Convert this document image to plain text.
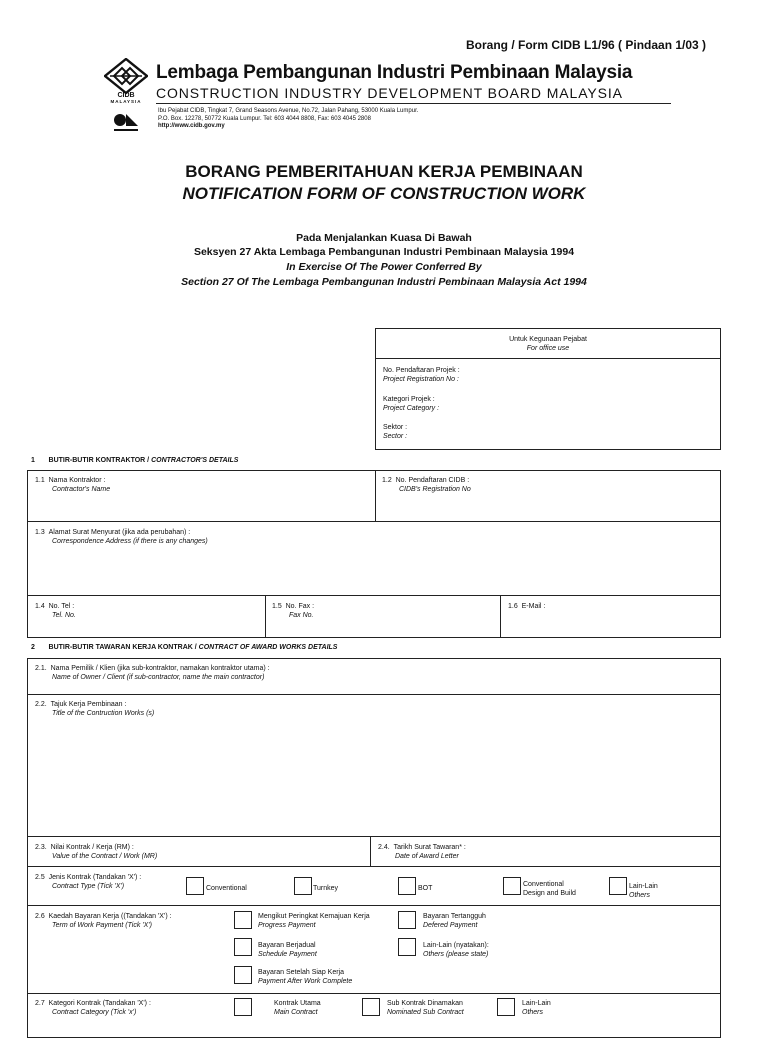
Borang / Form CIDB L1/96 ( Pindaan 1/03 )
CIDB
MALAYSIA
Lembaga Pembangunan Industri Pembinaan Malaysia
CONSTRUCTION INDUSTRY DEVELOPMENT BOARD MALAYSIA
Ibu Pejabat CIDB, Tingkat 7, Grand Seasons Avenue, No.72, Jalan Pahang, 53000 Kuala Lumpur.
P.O. Box. 12278, 50772 Kuala Lumpur. Tel: 603 4044 8808, Fax: 603 4045 2808
http://www.cidb.gov.my
BORANG PEMBERITAHUAN KERJA PEMBINAAN
NOTIFICATION FORM OF CONSTRUCTION WORK
Pada Menjalankan Kuasa Di Bawah
Seksyen 27 Akta Lembaga Pembangunan Industri Pembinaan Malaysia 1994
In Exercise Of The Power Conferred By
Section 27 Of The Lembaga Pembangunan Industri Pembinaan Malaysia Act 1994
Untuk Kegunaan Pejabat
For office use
No. Pendaftaran Projek :
Project Registration No :
Kategori Projek :
Project Category :
Sektor :
Sector :
1 BUTIR-BUTIR KONTRAKTOR / CONTRACTOR'S DETAILS
1.1 Nama Kontraktor :
Contractor's Name
1.2 No. Pendaftaran CIDB :
CIDB's Registration No
1.3 Alamat Surat Menyurat (jika ada perubahan) :
Correspondence Address (if there is any changes)
1.4 No. Tel :
Tel. No.
1.5 No. Fax :
Fax No.
1.6 E-Mail :
2 BUTIR-BUTIR TAWARAN KERJA KONTRAK / CONTRACT OF AWARD WORKS DETAILS
2.1. Nama Pemilik / Klien (jika sub-kontraktor, namakan kontraktor utama) :
Name of Owner / Client (if sub-contractor, name the main contractor)
2.2. Tajuk Kerja Pembinaan :
Title of the Contruction Works (s)
2.3. Nilai Kontrak / Kerja (RM) :
Value of the Contract / Work (MR)
2.4. Tarikh Surat Tawaran* :
Date of Award Letter
2.5 Jenis Kontrak (Tandakan 'X') :
Contract Type (Tick 'X')	Conventional	Turnkey	BOT
Conventional
Design and Build
Lain-Lain
Others
2.6 Kaedah Bayaran Kerja ((Tandakan 'X') :
Term of Work Payment (Tick 'X')
Mengikut Peringkat Kemajuan Kerja
Progress Payment
Bayaran Tertangguh
Defered Payment
Bayaran Berjadual
Schedule Payment
Lain-Lain (nyatakan):
Others (please state)
Bayaran Setelah Siap Kerja
Payment After Work Complete
2.7 Kategori Kontrak (Tandakan 'X') :
Contract Category (Tick 'x')
Kontrak Utama
Main Contract
Sub Kontrak Dinamakan
Nominated Sub Contract
Lain-Lain
Others
